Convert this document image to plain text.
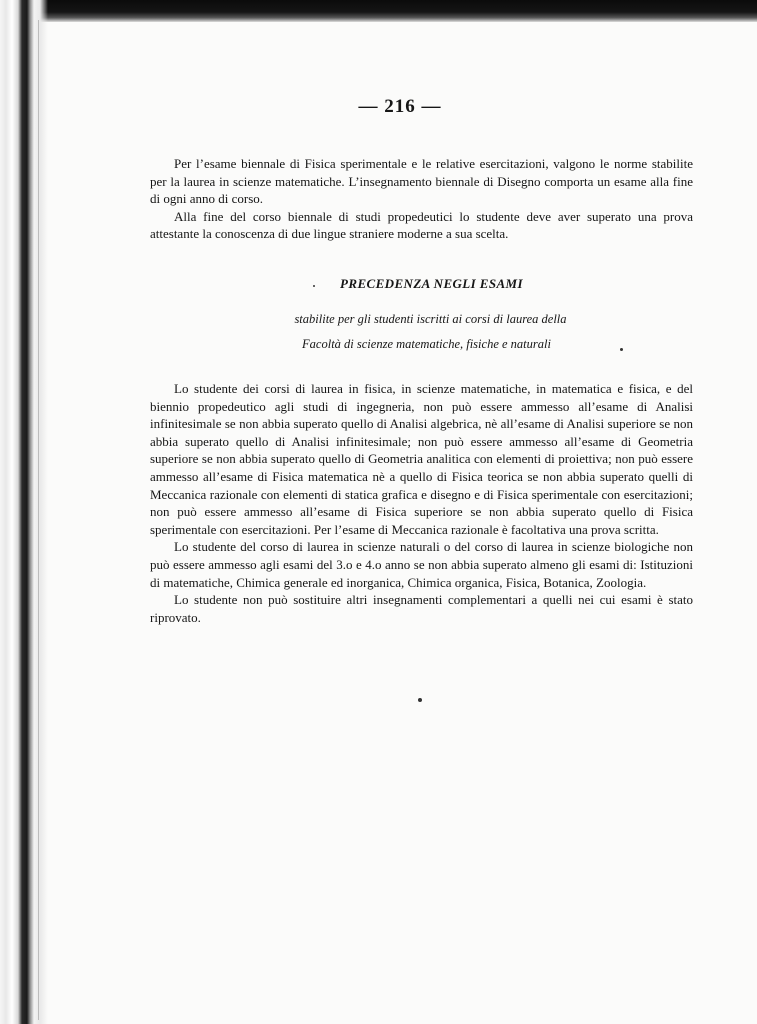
— 216 —

Per l’esame biennale di Fisica sperimentale e le relative esercitazioni, valgono le norme stabilite per la laurea in scienze matematiche. L’insegnamento biennale di Disegno comporta un esame alla fine di ogni anno di corso.

Alla fine del corso biennale di studi propedeutici lo studente deve aver superato una prova attestante la conoscenza di due lingue straniere moderne a sua scelta.

PRECEDENZA NEGLI ESAMI
stabilite per gli studenti iscritti ai corsi di laurea della
Facoltà di scienze matematiche, fisiche e naturali

Lo studente dei corsi di laurea in fisica, in scienze matematiche, in matematica e fisica, e del biennio propedeutico agli studi di ingegneria, non può essere ammesso all’esame di Analisi infinitesimale se non abbia superato quello di Analisi algebrica, nè all’esame di Analisi superiore se non abbia superato quello di Analisi infinitesimale; non può essere ammesso all’esame di Geometria superiore se non abbia superato quello di Geometria analitica con elementi di proiettiva; non può essere ammesso all’esame di Fisica matematica nè a quello di Fisica teorica se non abbia superato quelli di Meccanica razionale con elementi di statica grafica e disegno e di Fisica sperimentale con esercitazioni; non può essere ammesso all’esame di Fisica superiore se non abbia superato quello di Fisica sperimentale con esercitazioni. Per l’esame di Meccanica razionale è facoltativa una prova scritta.

Lo studente del corso di laurea in scienze naturali o del corso di laurea in scienze biologiche non può essere ammesso agli esami del 3.o e 4.o anno se non abbia superato almeno gli esami di: Istituzioni di matematiche, Chimica generale ed inorganica, Chimica organica, Fisica, Botanica, Zoologia.

Lo studente non può sostituire altri insegnamenti complementari a quelli nei cui esami è stato riprovato.
